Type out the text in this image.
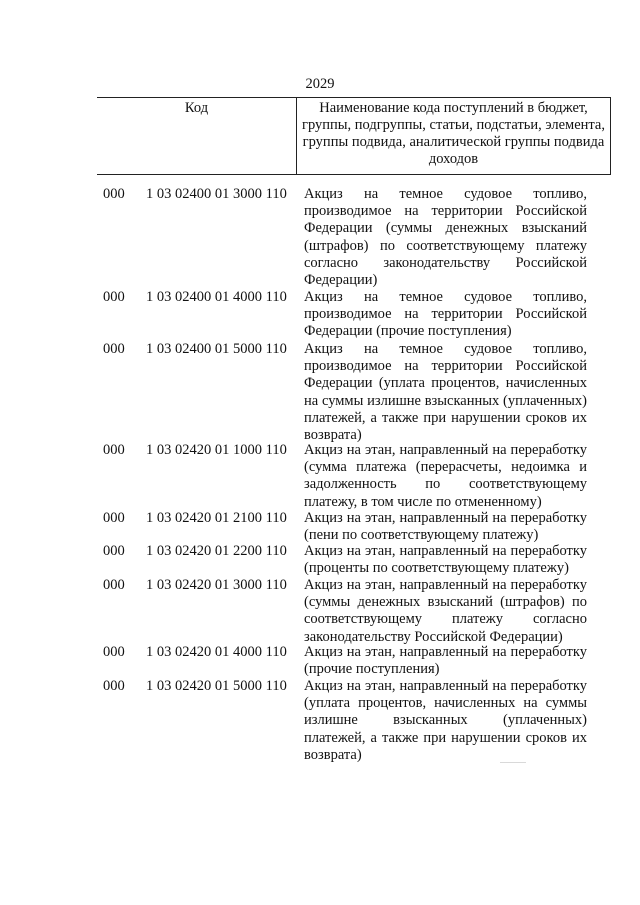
2029
Код	Наименование кода поступлений в бюджет, группы, подгруппы, статьи, подстатьи, элемента, группы подвида, аналитической группы подвида доходов
000 1 03 02400 01 3000 110 Акциз на темное судовое топливо, производимое на территории Российской Федерации (суммы денежных взысканий (штрафов) по соответствующему платежу согласно законодательству Российской Федерации)
000 1 03 02400 01 4000 110 Акциз на темное судовое топливо, производимое на территории Российской Федерации (прочие поступления)
000 1 03 02400 01 5000 110 Акциз на темное судовое топливо, производимое на территории Российской Федерации (уплата процентов, начисленных на суммы излишне взысканных (уплаченных) платежей, а также при нарушении сроков их возврата)
000 1 03 02420 01 1000 110 Акциз на этан, направленный на переработку (сумма платежа (перерасчеты, недоимка и задолженность по соответствующему платежу, в том числе по отмененному)
000 1 03 02420 01 2100 110 Акциз на этан, направленный на переработку (пени по соответствующему платежу)
000 1 03 02420 01 2200 110 Акциз на этан, направленный на переработку (проценты по соответствующему платежу)
000 1 03 02420 01 3000 110 Акциз на этан, направленный на переработку (суммы денежных взысканий (штрафов) по соответствующему платежу согласно законодательству Российской Федерации)
000 1 03 02420 01 4000 110 Акциз на этан, направленный на переработку (прочие поступления)
000 1 03 02420 01 5000 110 Акциз на этан, направленный на переработку (уплата процентов, начисленных на суммы излишне взысканных (уплаченных) платежей, а также при нарушении сроков их возврата)
